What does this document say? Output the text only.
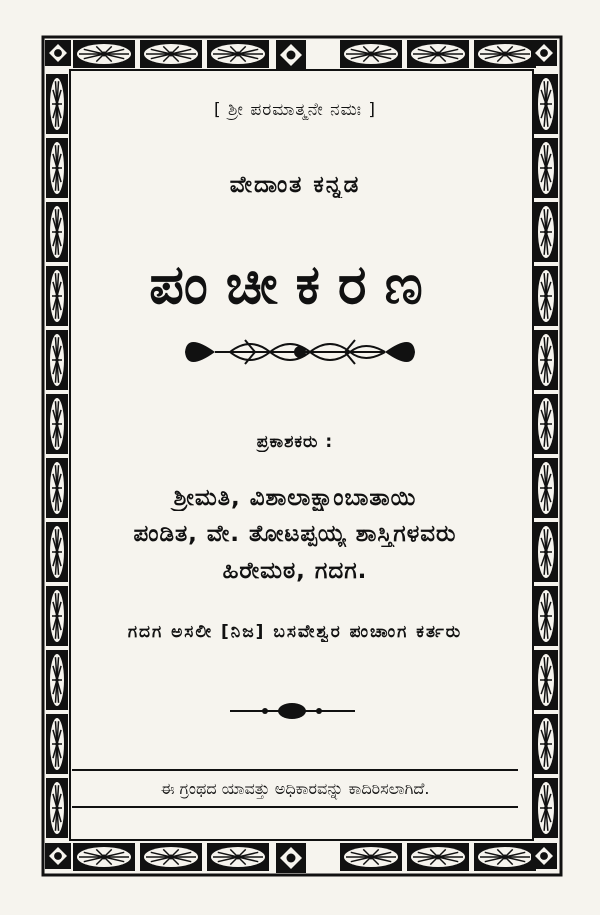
[ ಶ್ರೀ ಪರಮಾತ್ಮನೇ ನಮಃ ]
ವೇದಾಂತ ಕನ್ನಡ
ಪಂಚೀಕರಣ
ಪ್ರಕಾಶಕರು :
ಶ್ರೀಮತಿ, ವಿಶಾಲಾಕ್ಷಾಂಬಾತಾಯಿ
ಪಂಡಿತ, ವೇ. ತೋಟಪ್ಪಯ್ಯ ಶಾಸ್ತ್ರಿಗಳವರು
ಹಿರೇಮಠ, ಗದಗ.
ಗದಗ ಅಸಲೀ [ನಿಜ] ಬಸವೇಶ್ವರ ಪಂಚಾಂಗ ಕರ್ತರು
ಈ ಗ್ರಂಥದ ಯಾವತ್ತು ಅಧಿಕಾರವನ್ನು ಕಾದಿರಿಸಲಾಗಿದೆ.
